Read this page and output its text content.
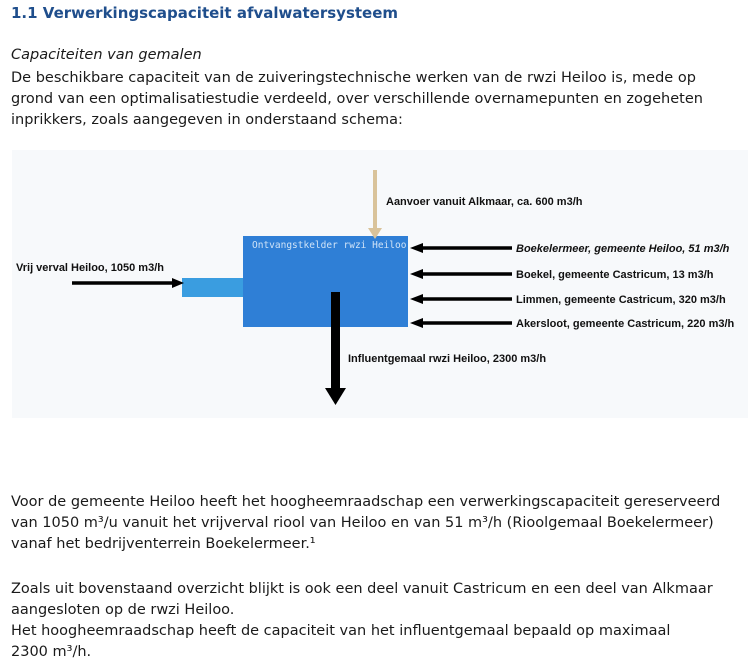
1.1 Verwerkingscapaciteit afvalwatersysteem
Capaciteiten van gemalen
De beschikbare capaciteit van de zuiveringstechnische werken van de rwzi Heiloo is, mede op
grond van een optimalisatiestudie verdeeld, over verschillende overnamepunten en zogeheten
inprikkers, zoals aangegeven in onderstaand schema:
Ontvangstkelder rwzi Heiloo
Aanvoer vanuit Alkmaar, ca. 600 m3/h
Vrij verval Heiloo, 1050 m3/h
Boekelermeer, gemeente Heiloo, 51 m3/h
Boekel, gemeente Castricum, 13 m3/h
Limmen, gemeente Castricum, 320 m3/h
Akersloot, gemeente Castricum, 220 m3/h
Influentgemaal rwzi Heiloo, 2300 m3/h
Voor de gemeente Heiloo heeft het hoogheemraadschap een verwerkingscapaciteit gereserveerd
van 1050 m³/u vanuit het vrijverval riool van Heiloo en van 51 m³/h (Rioolgemaal Boekelermeer)
vanaf het bedrijventerrein Boekelermeer.¹
Zoals uit bovenstaand overzicht blijkt is ook een deel vanuit Castricum en een deel van Alkmaar
aangesloten op de rwzi Heiloo.
Het hoogheemraadschap heeft de capaciteit van het influentgemaal bepaald op maximaal
2300 m³/h.
